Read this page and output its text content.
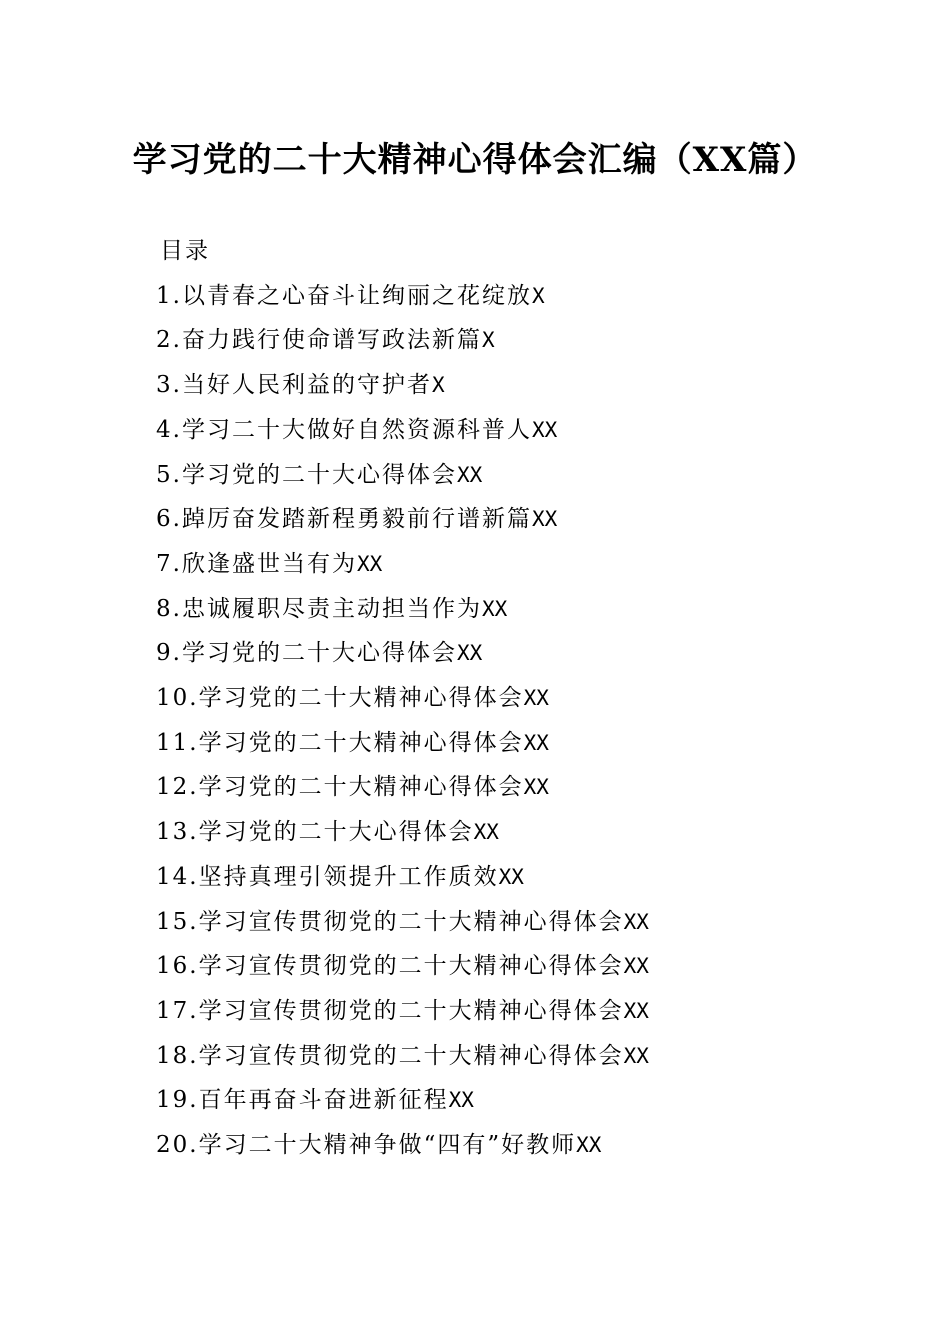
学习党的二十大精神心得体会汇编（XX篇）
目录
1.以青春之心奋斗让绚丽之花绽放X
2.奋力践行使命谱写政法新篇X
3.当好人民利益的守护者X
4.学习二十大做好自然资源科普人XX
5.学习党的二十大心得体会XX
6.踔厉奋发踏新程勇毅前行谱新篇XX
7.欣逢盛世当有为XX
8.忠诚履职尽责主动担当作为XX
9.学习党的二十大心得体会XX
10.学习党的二十大精神心得体会XX
11.学习党的二十大精神心得体会XX
12.学习党的二十大精神心得体会XX
13.学习党的二十大心得体会XX
14.坚持真理引领提升工作质效XX
15.学习宣传贯彻党的二十大精神心得体会XX
16.学习宣传贯彻党的二十大精神心得体会XX
17.学习宣传贯彻党的二十大精神心得体会XX
18.学习宣传贯彻党的二十大精神心得体会XX
19.百年再奋斗奋进新征程XX
20.学习二十大精神争做“四有”好教师XX
